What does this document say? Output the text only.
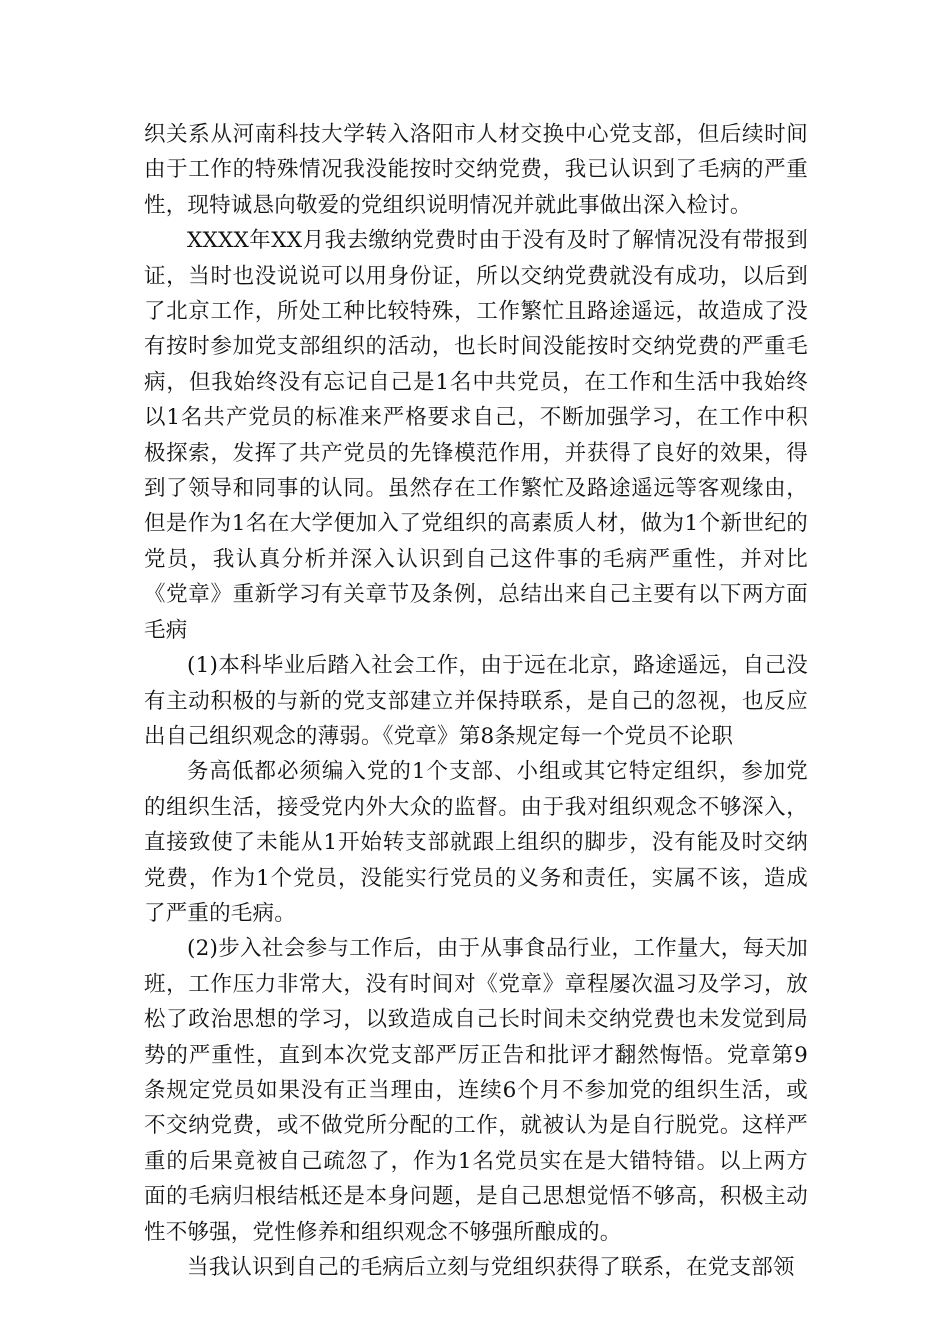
织关系从河南科技大学转入洛阳市人材交换中心党支部，但后续时间由于工作的特殊情况我没能按时交纳党费，我已认识到了毛病的严重性，现特诚恳向敬爱的党组织说明情况并就此事做出深入检讨。

XXXX年XX月我去缴纳党费时由于没有及时了解情况没有带报到证，当时也没说说可以用身份证，所以交纳党费就没有成功，以后到了北京工作，所处工种比较特殊，工作繁忙且路途遥远，故造成了没有按时参加党支部组织的活动，也长时间没能按时交纳党费的严重毛病，但我始终没有忘记自己是1名中共党员，在工作和生活中我始终以1名共产党员的标准来严格要求自己，不断加强学习，在工作中积极探索，发挥了共产党员的先锋模范作用，并获得了良好的效果，得到了领导和同事的认同。虽然存在工作繁忙及路途遥远等客观缘由，但是作为1名在大学便加入了党组织的高素质人材，做为1个新世纪的党员，我认真分析并深入认识到自己这件事的毛病严重性，并对比《党章》重新学习有关章节及条例，总结出来自己主要有以下两方面毛病

(1)本科毕业后踏入社会工作，由于远在北京，路途遥远，自己没有主动积极的与新的党支部建立并保持联系，是自己的忽视，也反应出自己组织观念的薄弱。《党章》第8条规定每一个党员不论职

务高低都必须编入党的1个支部、小组或其它特定组织，参加党的组织生活，接受党内外大众的监督。由于我对组织观念不够深入，直接致使了未能从1开始转支部就跟上组织的脚步，没有能及时交纳党费，作为1个党员，没能实行党员的义务和责任，实属不该，造成了严重的毛病。

(2)步入社会参与工作后，由于从事食品行业，工作量大，每天加班，工作压力非常大，没有时间对《党章》章程屡次温习及学习，放松了政治思想的学习，以致造成自己长时间未交纳党费也未发觉到局势的严重性，直到本次党支部严厉正告和批评才翻然悔悟。党章第9条规定党员如果没有正当理由，连续6个月不参加党的组织生活，或不交纳党费，或不做党所分配的工作，就被认为是自行脱党。这样严重的后果竟被自己疏忽了，作为1名党员实在是大错特错。以上两方面的毛病归根结柢还是本身问题，是自己思想觉悟不够高，积极主动性不够强，党性修养和组织观念不够强所酿成的。

当我认识到自己的毛病后立刻与党组织获得了联系，在党支部领
